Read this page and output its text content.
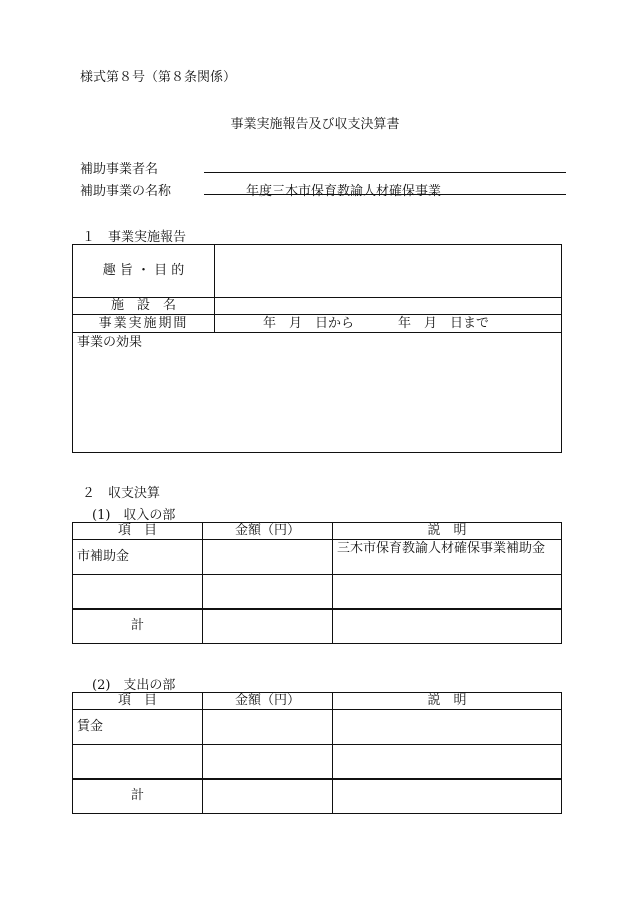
様式第８号（第８条関係）
事業実施報告及び収支決算書
補助事業者名
補助事業の名称	年度三木市保育教諭人材確保事業
１　事業実施報告
趣 旨 ・ 目 的	
施　設　名	
事業実施期間	年　月　日から 年　月　日まで
事業の効果	
２　収支決算
(1)　収入の部
項　目	金額（円）	説　明
市補助金		三木市保育教諭人材確保事業補助金

計		
(2)　支出の部
項　目	金額（円）	説　明
賃金		

計		
